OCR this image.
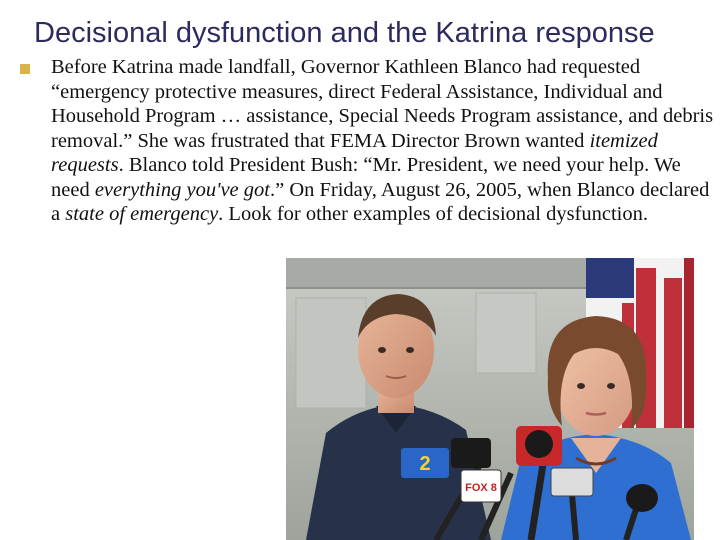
Decisional dysfunction and the Katrina response

Before Katrina made landfall, Governor Kathleen Blanco had requested “emergency protective measures, direct Federal Assistance, Individual and Household Program … assistance, Special Needs Program assistance, and debris removal.” She was frustrated that FEMA Director Brown wanted itemized requests. Blanco told President Bush: “Mr. President, we need your help. We need everything you've got.” On Friday, August 26, 2005, when Blanco declared a state of emergency. Look for other examples of decisional dysfunction.

2
FOX 8
